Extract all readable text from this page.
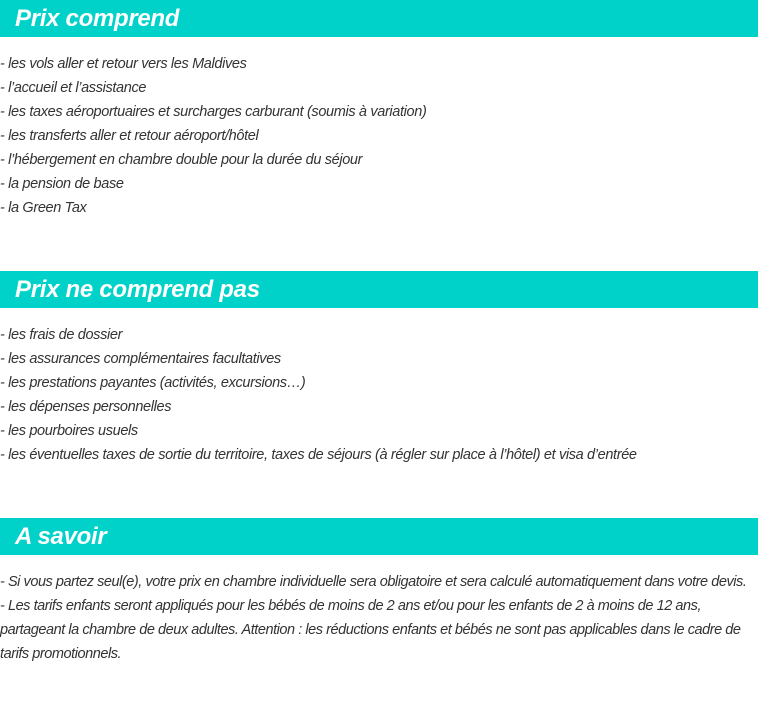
Prix comprend
- les vols aller et retour vers les Maldives
- l’accueil et l’assistance
- les taxes aéroportuaires et surcharges carburant (soumis à variation)
- les transferts aller et retour aéroport/hôtel
- l’hébergement en chambre double pour la durée du séjour
- la pension de base
- la Green Tax
Prix ne comprend pas
- les frais de dossier
- les assurances complémentaires facultatives
- les prestations payantes (activités, excursions…)
- les dépenses personnelles
- les pourboires usuels
- les éventuelles taxes de sortie du territoire, taxes de séjours (à régler sur place à l’hôtel) et visa d’entrée
A savoir
- Si vous partez seul(e), votre prix en chambre individuelle sera obligatoire et sera calculé automatiquement dans votre devis.
- Les tarifs enfants seront appliqués pour les bébés de moins de 2 ans et/ou pour les enfants de 2 à moins de 12 ans, partageant la chambre de deux adultes. Attention : les réductions enfants et bébés ne sont pas applicables dans le cadre de tarifs promotionnels.
